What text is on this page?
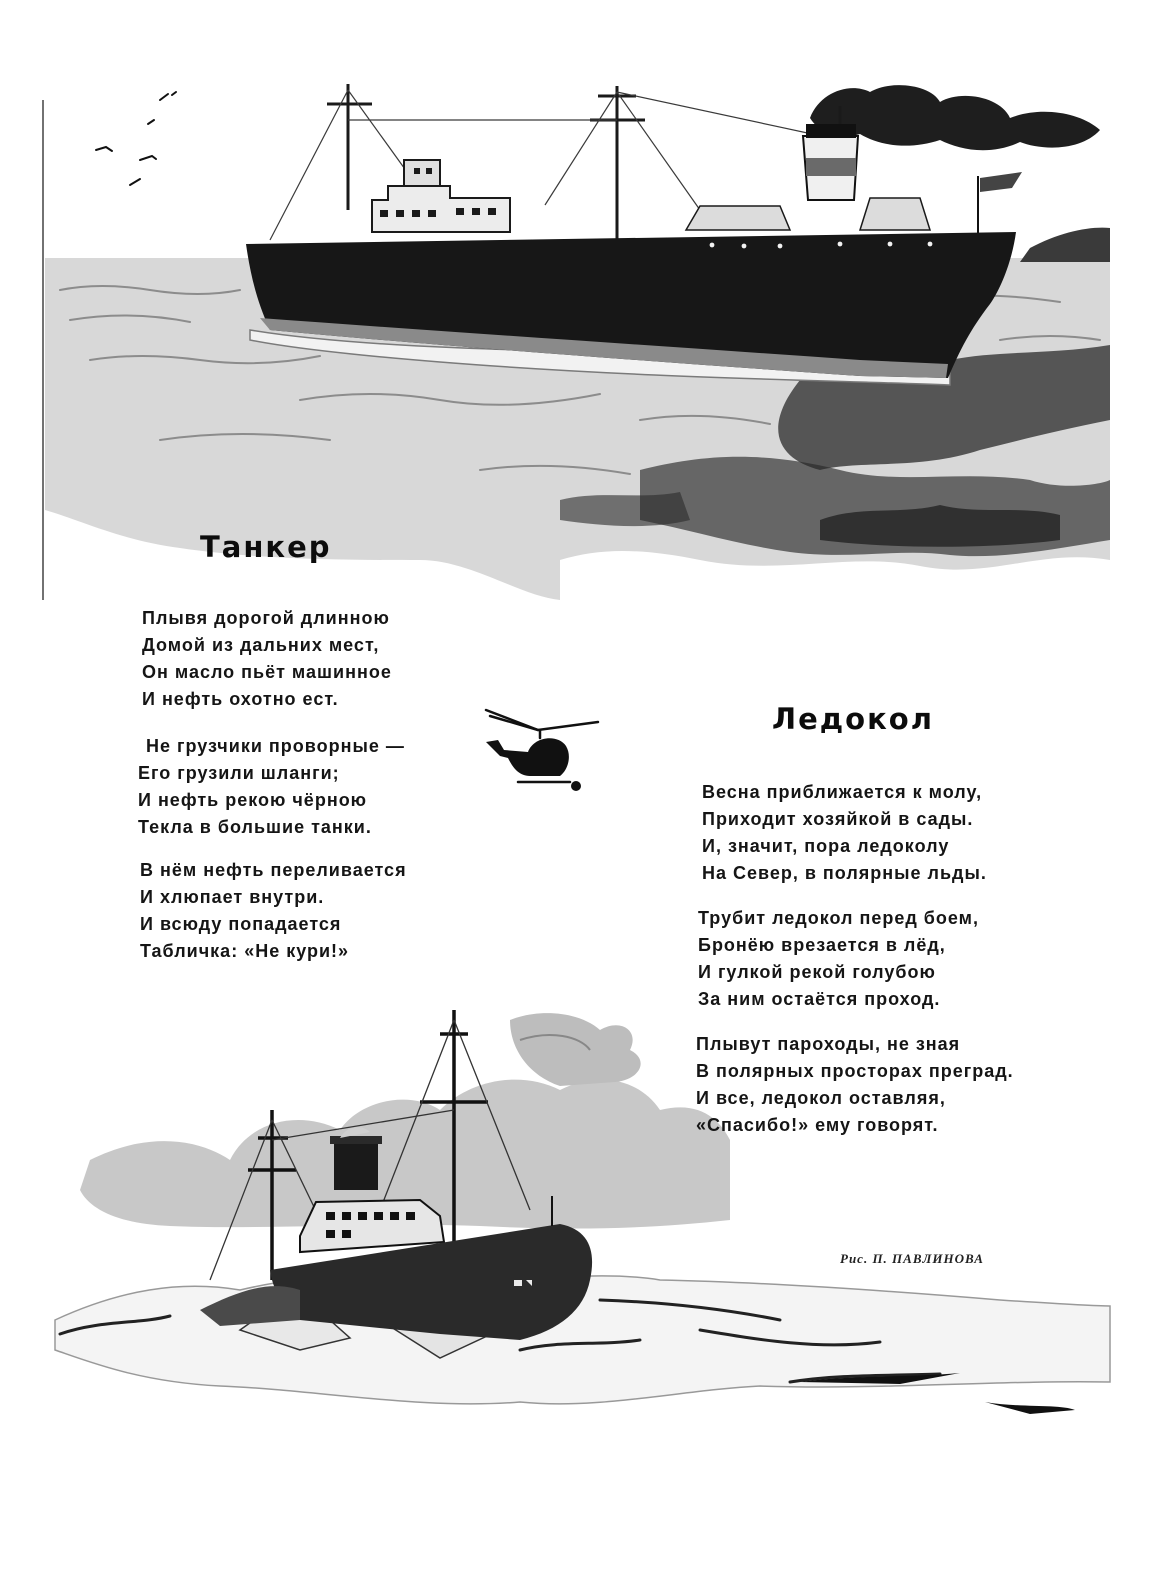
Танкер
Плывя дорогой длинною
Домой из дальних мест,
Он масло пьёт машинное
И нефть охотно ест.
Не грузчики проворные —
Его грузили шланги;
И нефть рекою чёрною
Текла в большие танки.
В нём нефть переливается
И хлюпает внутри.
И всюду попадается
Табличка: «Не кури!»
Ледокол
Весна приближается к молу,
Приходит хозяйкой в сады.
И, значит, пора ледоколу
На Север, в полярные льды.
Трубит ледокол перед боем,
Бронёю врезается в лёд,
И гулкой рекой голубою
За ним остаётся проход.
Плывут пароходы, не зная
В полярных просторах преград.
И все, ледокол оставляя,
«Спасибо!» ему говорят.
Рис. П. ПАВЛИНОВА
